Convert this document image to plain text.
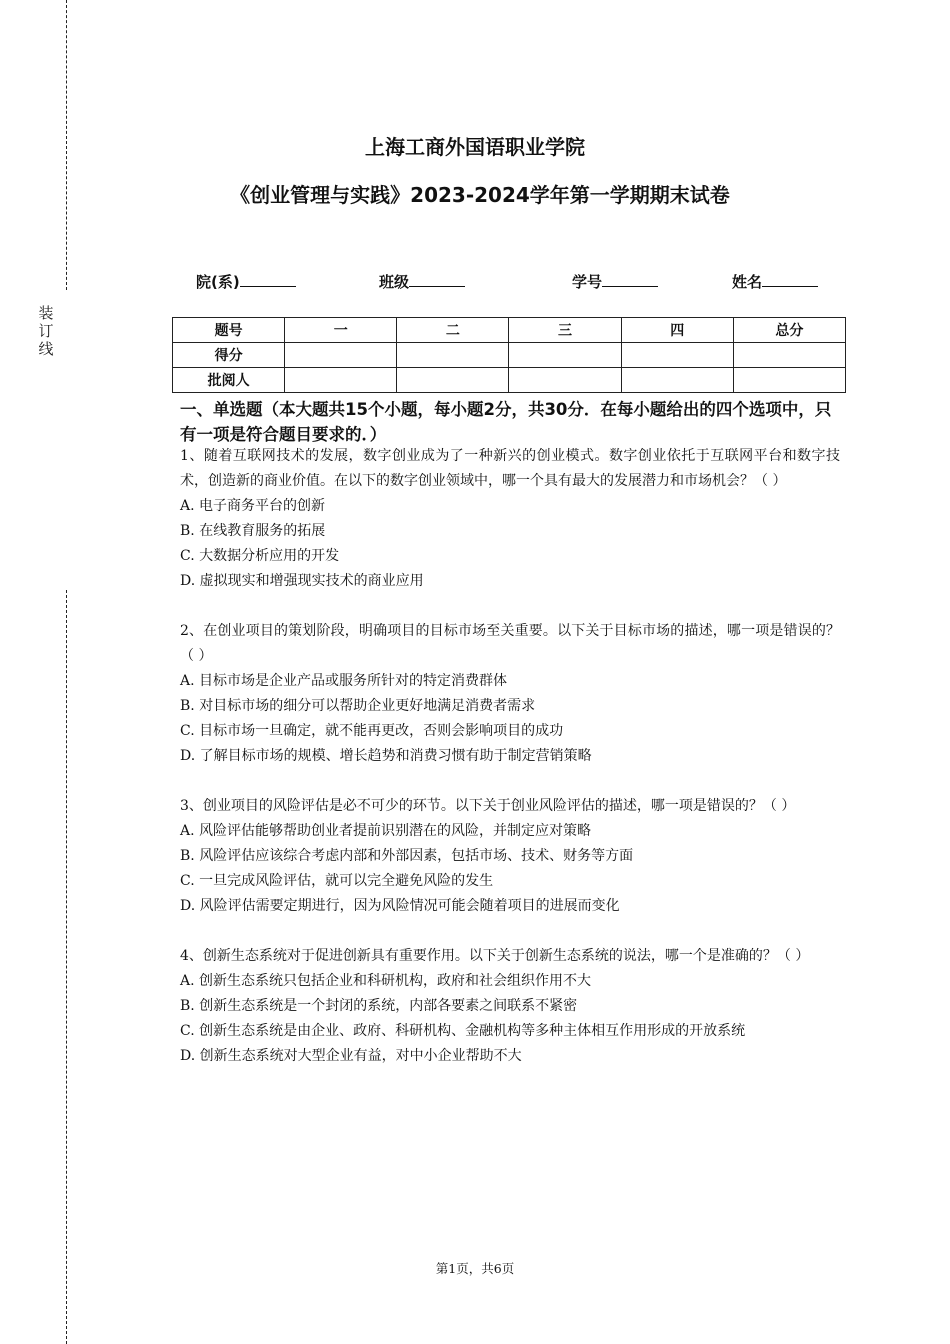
装
订
线
上海工商外国语职业学院
《创业管理与实践》2023-2024学年第一学期期末试卷
院(系)	班级	学号	姓名
题号	一	二	三	四	总分
得分					
批阅人					
一、单选题（本大题共15个小题，每小题2分，共30分．在每小题给出的四个选项中，只有一项是符合题目要求的．）

1、随着互联网技术的发展，数字创业成为了一种新兴的创业模式。数字创业依托于互联网平台和数字技术，创造新的商业价值。在以下的数字创业领域中，哪一个具有最大的发展潜力和市场机会？（ ）

A. 电子商务平台的创新

B. 在线教育服务的拓展

C. 大数据分析应用的开发

D. 虚拟现实和增强现实技术的商业应用

2、在创业项目的策划阶段，明确项目的目标市场至关重要。以下关于目标市场的描述，哪一项是错误的？（ ）

A. 目标市场是企业产品或服务所针对的特定消费群体

B. 对目标市场的细分可以帮助企业更好地满足消费者需求

C. 目标市场一旦确定，就不能再更改，否则会影响项目的成功

D. 了解目标市场的规模、增长趋势和消费习惯有助于制定营销策略

3、创业项目的风险评估是必不可少的环节。以下关于创业风险评估的描述，哪一项是错误的？（ ）

A. 风险评估能够帮助创业者提前识别潜在的风险，并制定应对策略

B. 风险评估应该综合考虑内部和外部因素，包括市场、技术、财务等方面

C. 一旦完成风险评估，就可以完全避免风险的发生

D. 风险评估需要定期进行，因为风险情况可能会随着项目的进展而变化

4、创新生态系统对于促进创新具有重要作用。以下关于创新生态系统的说法，哪一个是准确的？（ ）

A. 创新生态系统只包括企业和科研机构，政府和社会组织作用不大

B. 创新生态系统是一个封闭的系统，内部各要素之间联系不紧密

C. 创新生态系统是由企业、政府、科研机构、金融机构等多种主体相互作用形成的开放系统

D. 创新生态系统对大型企业有益，对中小企业帮助不大

第1页，共6页
